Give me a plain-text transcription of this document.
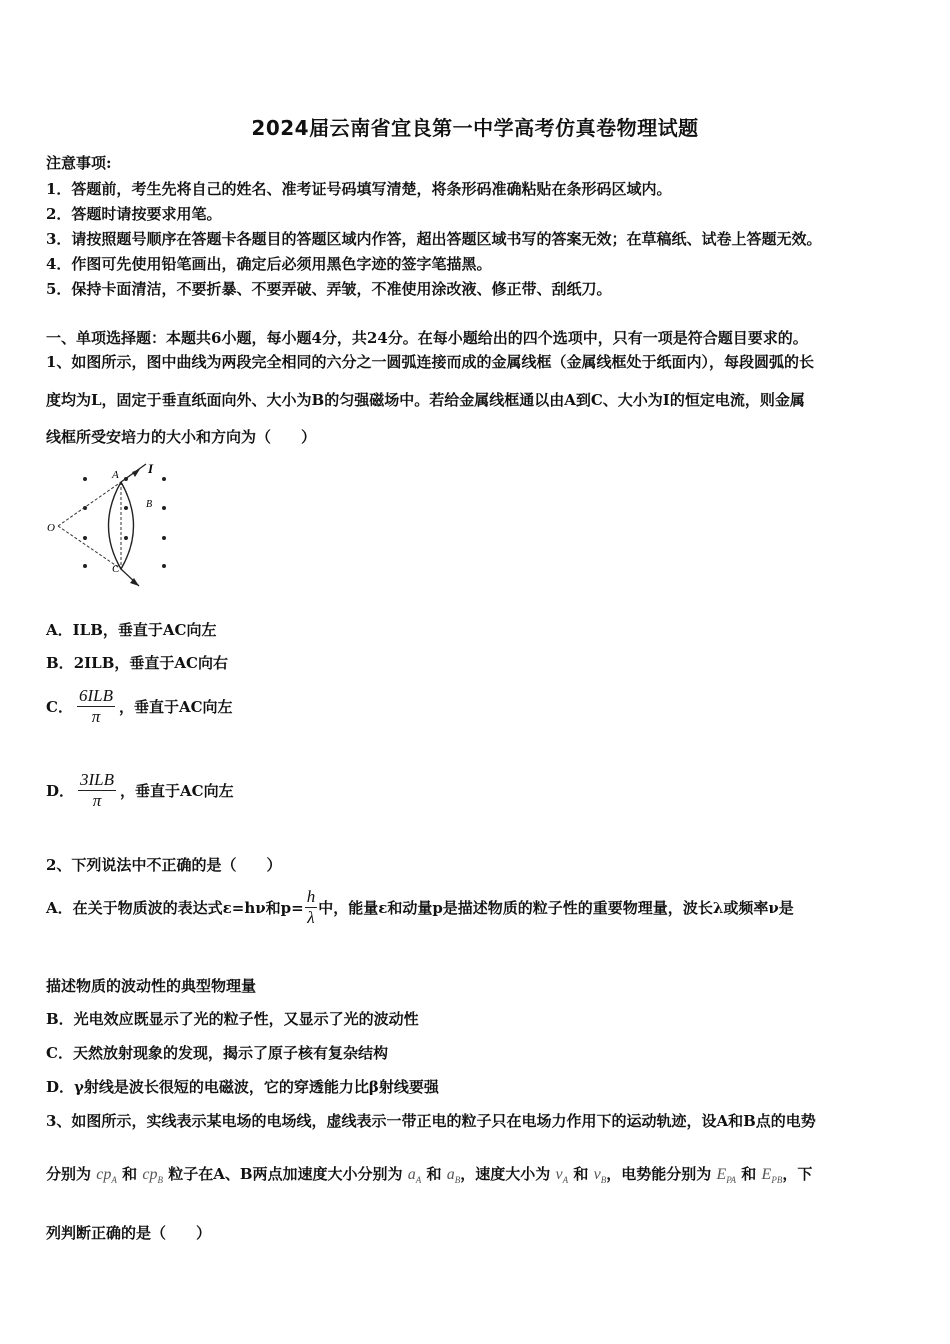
2024届云南省宜良第一中学高考仿真卷物理试题
注意事项:
1．答题前，考生先将自己的姓名、准考证号码填写清楚，将条形码准确粘贴在条形码区域内。
2．答题时请按要求用笔。
3．请按照题号顺序在答题卡各题目的答题区域内作答，超出答题区域书写的答案无效；在草稿纸、试卷上答题无效。
4．作图可先使用铅笔画出，确定后必须用黑色字迹的签字笔描黑。
5．保持卡面清洁，不要折暴、不要弄破、弄皱，不准使用涂改液、修正带、刮纸刀。
一、单项选择题：本题共6小题，每小题4分，共24分。在每小题给出的四个选项中，只有一项是符合题目要求的。
1、如图所示，图中曲线为两段完全相同的六分之一圆弧连接而成的金属线框（金属线框处于纸面内），每段圆弧的长
度均为L，固定于垂直纸面向外、大小为B的匀强磁场中。若给金属线框通以由A到C、大小为I的恒定电流，则金属
线框所受安培力的大小和方向为（　　）
A I
B
O
C
A．ILB，垂直于AC向左
B．2ILB，垂直于AC向右
C． $\frac{\text{6ILB}}{\pi}$ ，垂直于AC向左
D． $\frac{\text{3ILB}}{\pi}$ ，垂直于AC向左
2、下列说法中不正确的是（　　）
A．在关于物质波的表达式ε=hν和$p= \frac{h}{\lambda}$ 中，能量ε和动量p是描述物质的粒子性的重要物理量，波长λ或频率ν是
描述物质的波动性的典型物理量
B．光电效应既显示了光的粒子性，又显示了光的波动性
C．天然放射现象的发现，揭示了原子核有复杂结构
D．γ射线是波长很短的电磁波，它的穿透能力比β射线要强
3、如图所示，实线表示某电场的电场线，虚线表示一带正电的粒子只在电场力作用下的运动轨迹，设A和B点的电势
分别为 $cp_A$ 和 $cp_B$ 粒子在A、B两点加速度大小分别为 $a_A$ 和 $a_B$，速度大小为 $v_A$ 和 $v_B$，电势能分别为 $E_{PA}$ 和 $E_{PB}$，下
列判断正确的是（　　）
